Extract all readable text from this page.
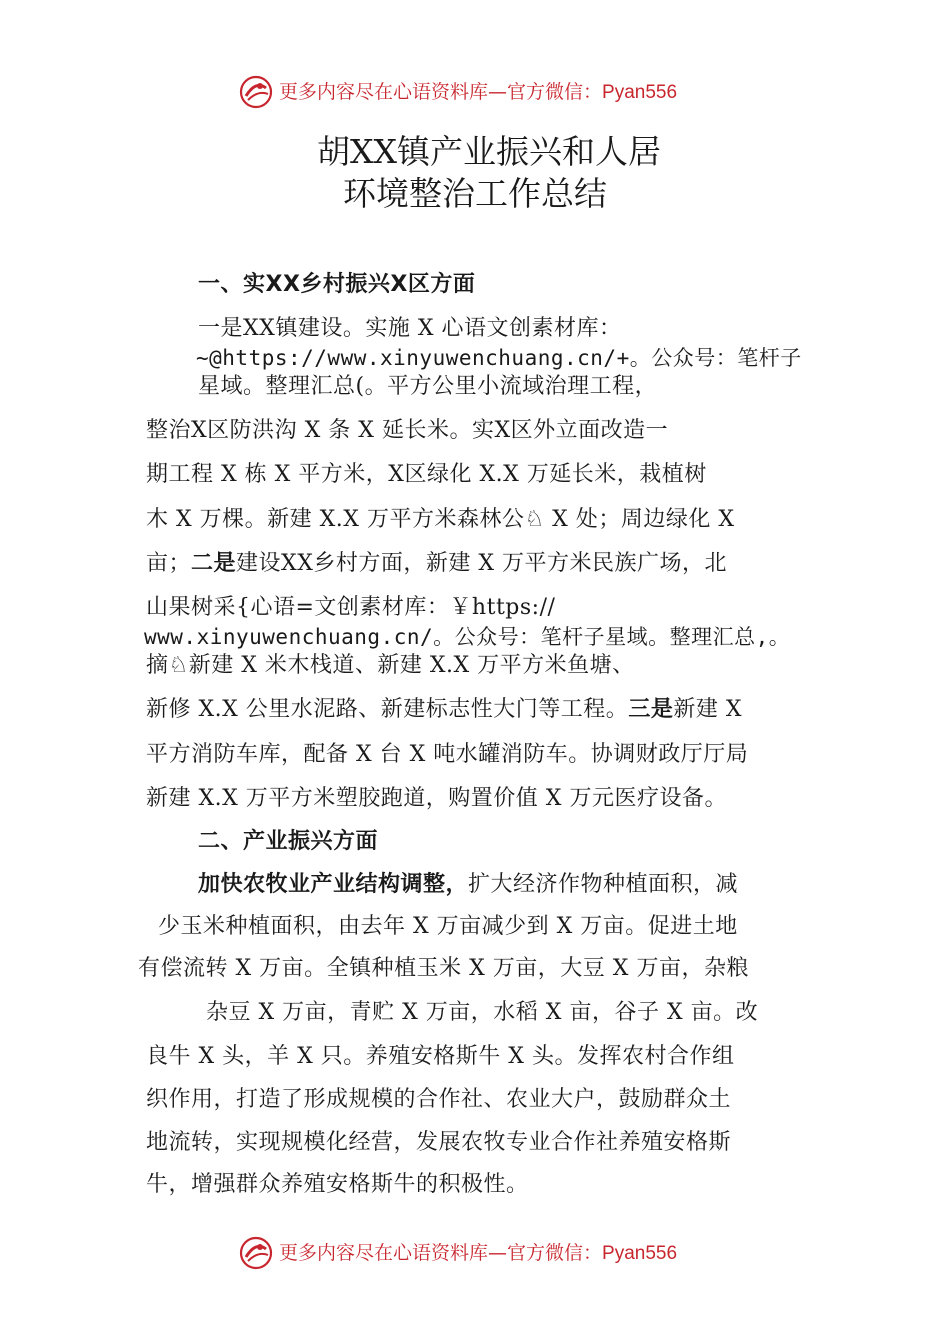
更多内容尽在心语资料库—官方微信：Pyan556
胡XX镇产业振兴和人居
环境整治工作总结
一、实XX乡村振兴X区方面
一是XX镇建设。实施 X 心语文创素材库：
~@https://www.xinyuwenchuang.cn/+。公众号：笔杆子
星域。整理汇总(。平方公里小流域治理工程，
整治X区防洪沟 X 条 X 延长米。实X区外立面改造一
期工程 X 栋 X 平方米，X区绿化 X.X 万延长米，栽植树
木 X 万棵。新建 X.X 万平方米森林公♘ X 处；周边绿化 X
亩；二是建设XX乡村方面，新建 X 万平方米民族广场，北
山果树采{心语=文创素材库：￥https://
www.xinyuwenchuang.cn/。公众号：笔杆子星域。整理汇总,。
摘♘新建 X 米木栈道、新建 X.X 万平方米鱼塘、
新修 X.X 公里水泥路、新建标志性大门等工程。三是新建 X
平方消防车库，配备 X 台 X 吨水罐消防车。协调财政厅厅局
新建 X.X 万平方米塑胶跑道，购置价值 X 万元医疗设备。
二、产业振兴方面
加快农牧业产业结构调整，扩大经济作物种植面积，减
少玉米种植面积，由去年 X 万亩减少到 X 万亩。促进土地
有偿流转 X 万亩。全镇种植玉米 X 万亩，大豆 X 万亩，杂粮
杂豆 X 万亩，青贮 X 万亩，水稻 X 亩，谷子 X 亩。改
良牛 X 头，羊 X 只。养殖安格斯牛 X 头。发挥农村合作组
织作用，打造了形成规模的合作社、农业大户，鼓励群众土
地流转，实现规模化经营，发展农牧专业合作社养殖安格斯
牛，增强群众养殖安格斯牛的积极性。
更多内容尽在心语资料库—官方微信：Pyan556
